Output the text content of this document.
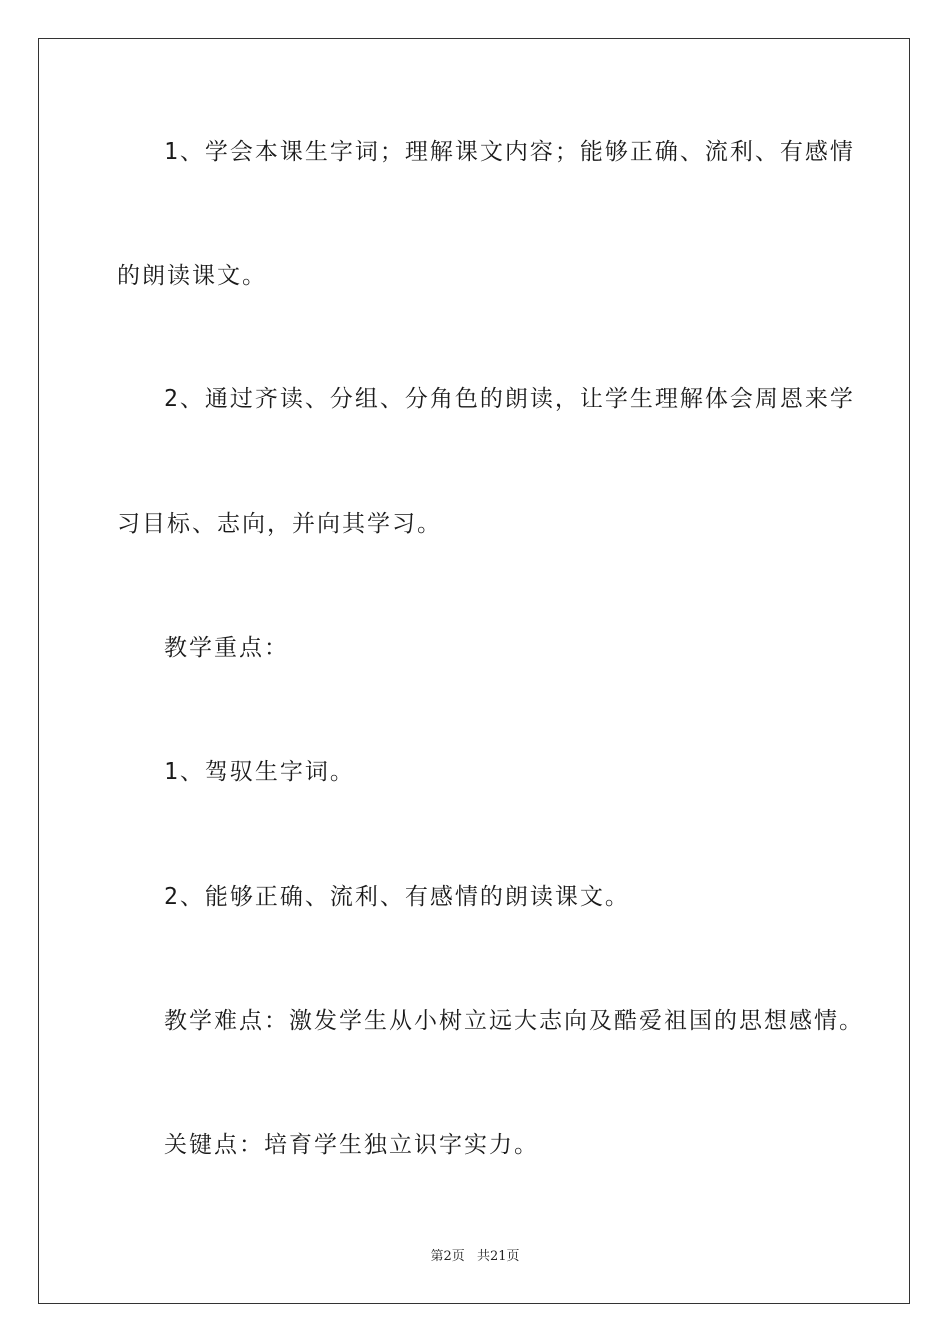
1、学会本课生字词；理解课文内容；能够正确、流利、有感情

的朗读课文。

2、通过齐读、分组、分角色的朗读，让学生理解体会周恩来学

习目标、志向，并向其学习。

教学重点：

1、驾驭生字词。

2、能够正确、流利、有感情的朗读课文。

教学难点：激发学生从小树立远大志向及酷爱祖国的思想感情。

关键点：培育学生独立识字实力。

第2页 共21页
